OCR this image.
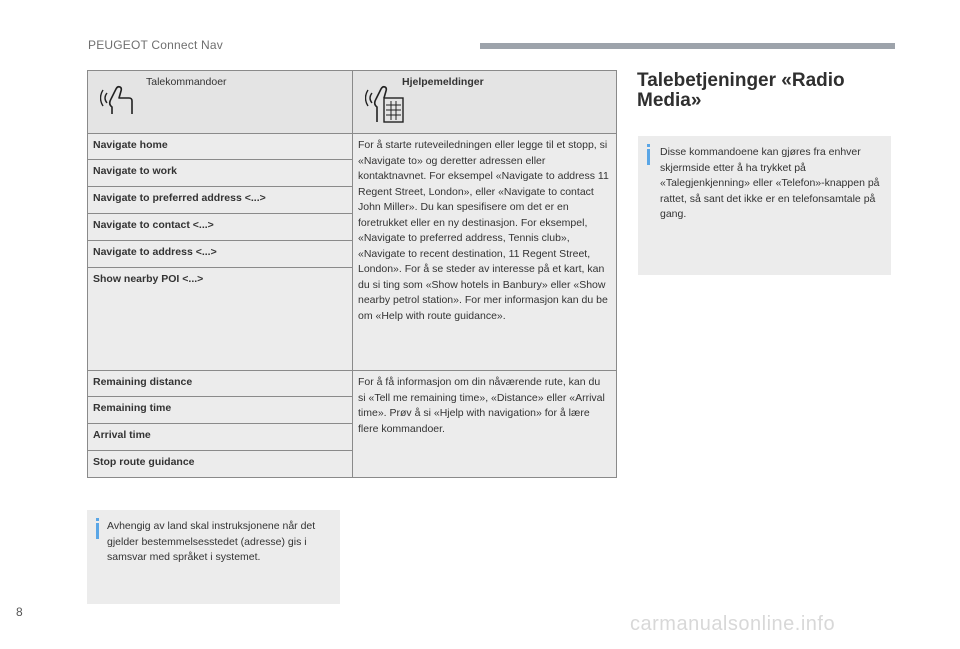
PEUGEOT Connect Nav
Talekommandoer	Hjelpemeldinger

Navigate home	For å starte ruteveiledningen eller legge til et stopp, si «Navigate to» og deretter adressen eller kontaktnavnet. For eksempel «Navigate to address 11 Regent Street, London», eller «Navigate to contact John Miller». Du kan spesifisere om det er en foretrukket eller en ny destinasjon. For eksempel, «Navigate to preferred address, Tennis club», «Navigate to recent destination, 11 Regent Street, London». For å se steder av interesse på et kart, kan du si ting som «Show hotels in Banbury» eller «Show nearby petrol station». For mer informasjon kan du be om «Help with route guidance».
Navigate to work	
Navigate to preferred address <...>	
Navigate to contact <...>	
Navigate to address <...>	
Show nearby POI <...>	
Remaining distance	For å få informasjon om din nåværende rute, kan du si «Tell me remaining time», «Distance» eller «Arrival time». Prøv å si «Hjelp with navigation» for å lære flere kommandoer.
Remaining time	
Arrival time	
Stop route guidance	
Avhengig av land skal instruksjonene når det gjelder bestemmelsesstedet (adresse) gis i samsvar med språket i systemet.
Talebetjeninger «Radio Media»
Disse kommandoene kan gjøres fra enhver skjermside etter å ha trykket på «Talegjenkjenning» eller «Telefon»-knappen på rattet, så sant det ikke er en telefonsamtale på gang.
8
carmanualsonline.info
